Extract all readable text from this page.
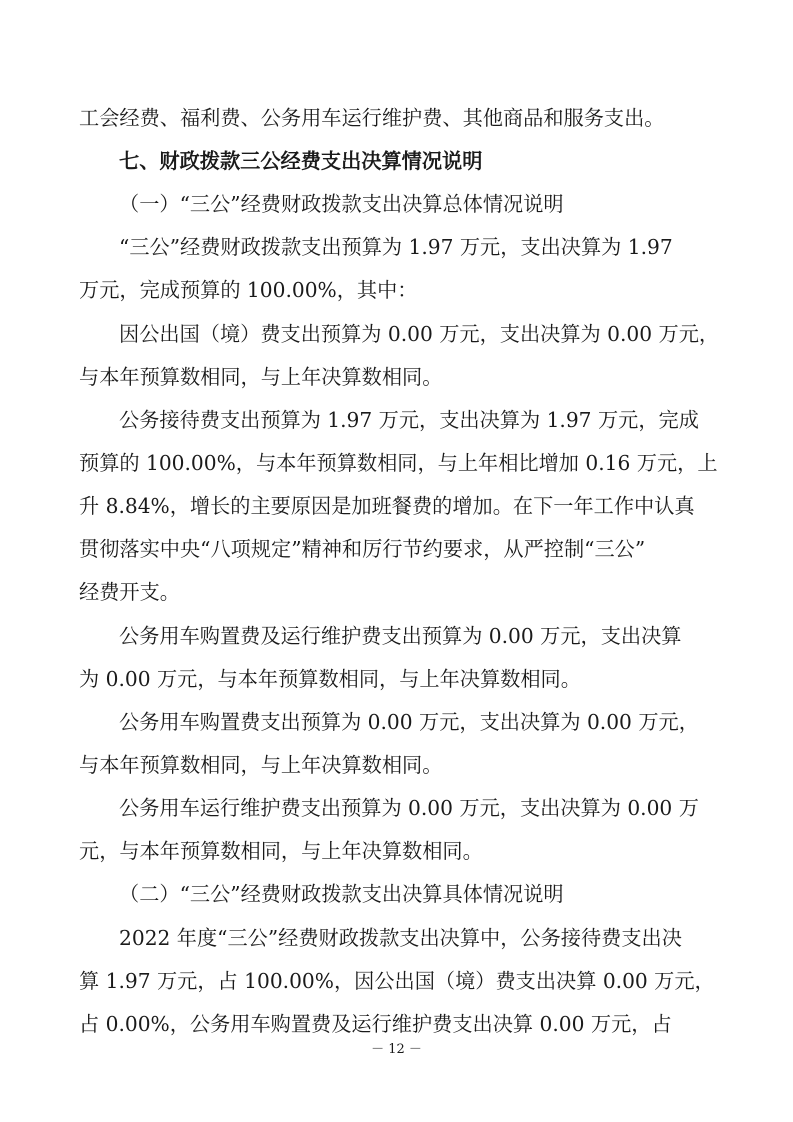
工会经费、福利费、公务用车运行维护费、其他商品和服务支出。

七、财政拨款三公经费支出决算情况说明

（一）“三公”经费财政拨款支出决算总体情况说明

“三公”经费财政拨款支出预算为 1.97 万元，支出决算为 1.97

万元，完成预算的 100.00%，其中：

因公出国（境）费支出预算为 0.00 万元，支出决算为 0.00 万元，

与本年预算数相同，与上年决算数相同。

公务接待费支出预算为 1.97 万元，支出决算为 1.97 万元，完成

预算的 100.00%，与本年预算数相同，与上年相比增加 0.16 万元，上

升 8.84%，增长的主要原因是加班餐费的增加。在下一年工作中认真

贯彻落实中央“八项规定”精神和厉行节约要求，从严控制“三公”

经费开支。

公务用车购置费及运行维护费支出预算为 0.00 万元，支出决算

为 0.00 万元，与本年预算数相同，与上年决算数相同。

公务用车购置费支出预算为 0.00 万元，支出决算为 0.00 万元，

与本年预算数相同，与上年决算数相同。

公务用车运行维护费支出预算为 0.00 万元，支出决算为 0.00 万

元，与本年预算数相同，与上年决算数相同。

（二）“三公”经费财政拨款支出决算具体情况说明

2022 年度“三公”经费财政拨款支出决算中，公务接待费支出决

算 1.97 万元，占 100.00%，因公出国（境）费支出决算 0.00 万元，

占 0.00%，公务用车购置费及运行维护费支出决算 0.00 万元，占

－ 12 －
